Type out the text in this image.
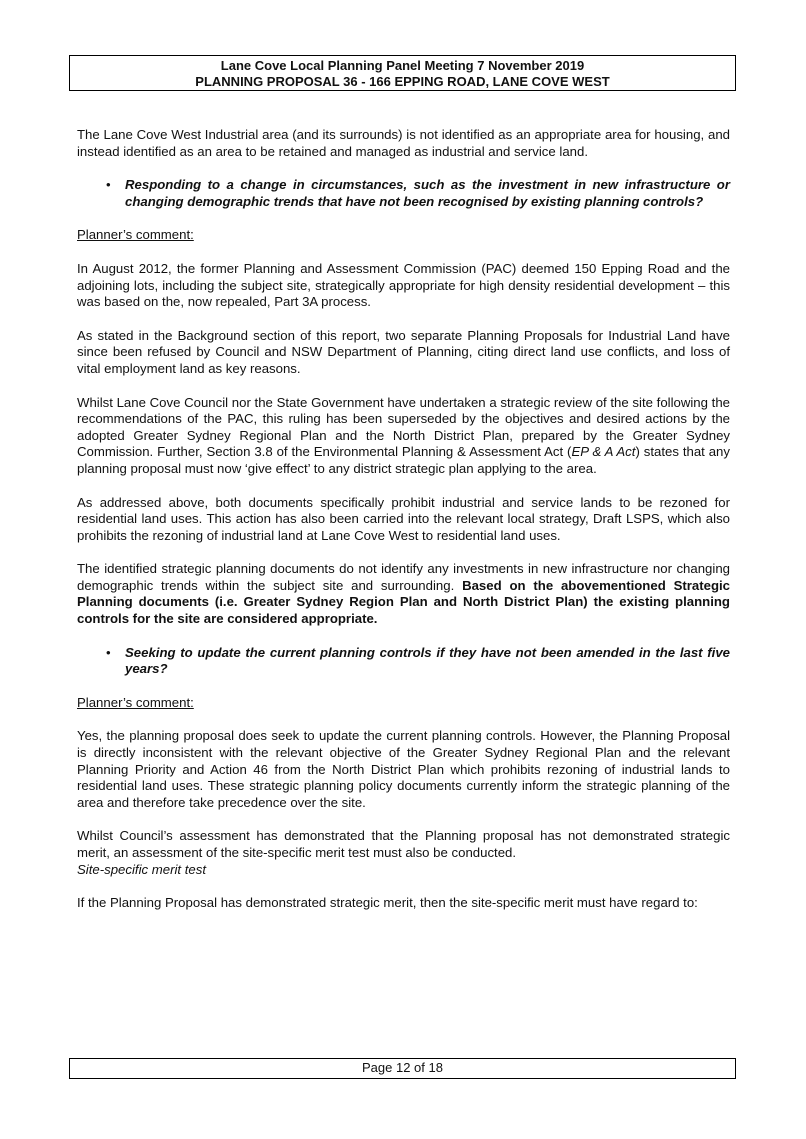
Lane Cove Local Planning Panel Meeting 7 November 2019
PLANNING PROPOSAL 36 - 166 EPPING ROAD, LANE COVE WEST

The Lane Cove West Industrial area (and its surrounds) is not identified as an appropriate area for housing, and instead identified as an area to be retained and managed as industrial and service land.

•	Responding to a change in circumstances, such as the investment in new infrastructure or changing demographic trends that have not been recognised by existing planning controls?
Planner’s comment:

In August 2012, the former Planning and Assessment Commission (PAC) deemed 150 Epping Road and the adjoining lots, including the subject site, strategically appropriate for high density residential development – this was based on the, now repealed, Part 3A process.

As stated in the Background section of this report, two separate Planning Proposals for Industrial Land have since been refused by Council and NSW Department of Planning, citing direct land use conflicts, and loss of vital employment land as key reasons.

Whilst Lane Cove Council nor the State Government have undertaken a strategic review of the site following the recommendations of the PAC, this ruling has been superseded by the objectives and desired actions by the adopted Greater Sydney Regional Plan and the North District Plan, prepared by the Greater Sydney Commission. Further, Section 3.8 of the Environmental Planning & Assessment Act (EP & A Act) states that any planning proposal must now ‘give effect’ to any district strategic plan applying to the area.

As addressed above, both documents specifically prohibit industrial and service lands to be rezoned for residential land uses. This action has also been carried into the relevant local strategy, Draft LSPS, which also prohibits the rezoning of industrial land at Lane Cove West to residential land uses.

The identified strategic planning documents do not identify any investments in new infrastructure nor changing demographic trends within the subject site and surrounding. Based on the abovementioned Strategic Planning documents (i.e. Greater Sydney Region Plan and North District Plan) the existing planning controls for the site are considered appropriate.

•	Seeking to update the current planning controls if they have not been amended in the last five years?
Planner’s comment:

Yes, the planning proposal does seek to update the current planning controls. However, the Planning Proposal is directly inconsistent with the relevant objective of the Greater Sydney Regional Plan and the relevant Planning Priority and Action 46 from the North District Plan which prohibits rezoning of industrial lands to residential land uses. These strategic planning policy documents currently inform the strategic planning of the area and therefore take precedence over the site.

Whilst Council’s assessment has demonstrated that the Planning proposal has not demonstrated strategic merit, an assessment of the site-specific merit test must also be conducted.

Site-specific merit test

If the Planning Proposal has demonstrated strategic merit, then the site-specific merit must have regard to:

Page 12 of 18
